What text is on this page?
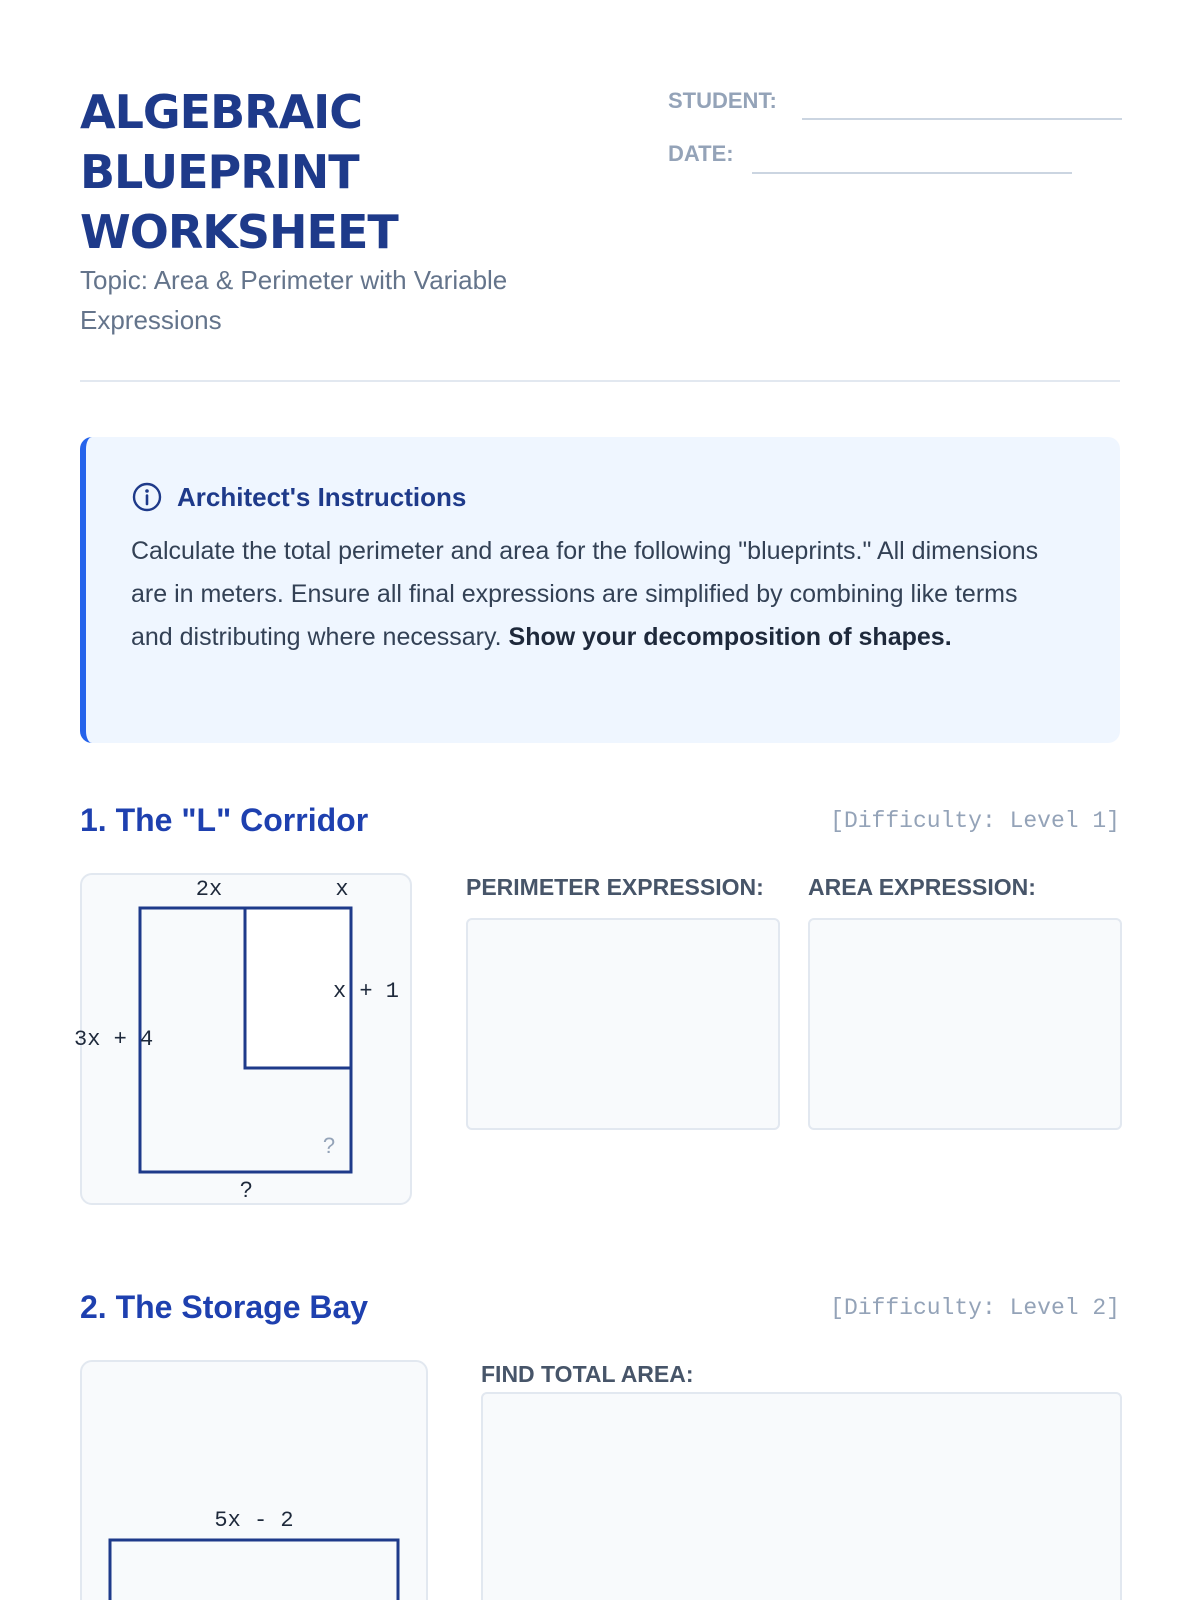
ALGEBRAIC
BLUEPRINT
WORKSHEET
Topic: Area & Perimeter with Variable Expressions
STUDENT:
DATE:
Architect's Instructions
Calculate the total perimeter and area for the following "blueprints." All dimensions are in meters. Ensure all final expressions are simplified by combining like terms and distributing where necessary. Show your decomposition of shapes.
1. The "L" Corridor	[Difficulty: Level 1]
2x	x
x + 1
3x + 4
?
?
PERIMETER EXPRESSION: AREA EXPRESSION:
2. The Storage Bay	[Difficulty: Level 2]
5x - 2
FIND TOTAL AREA:
